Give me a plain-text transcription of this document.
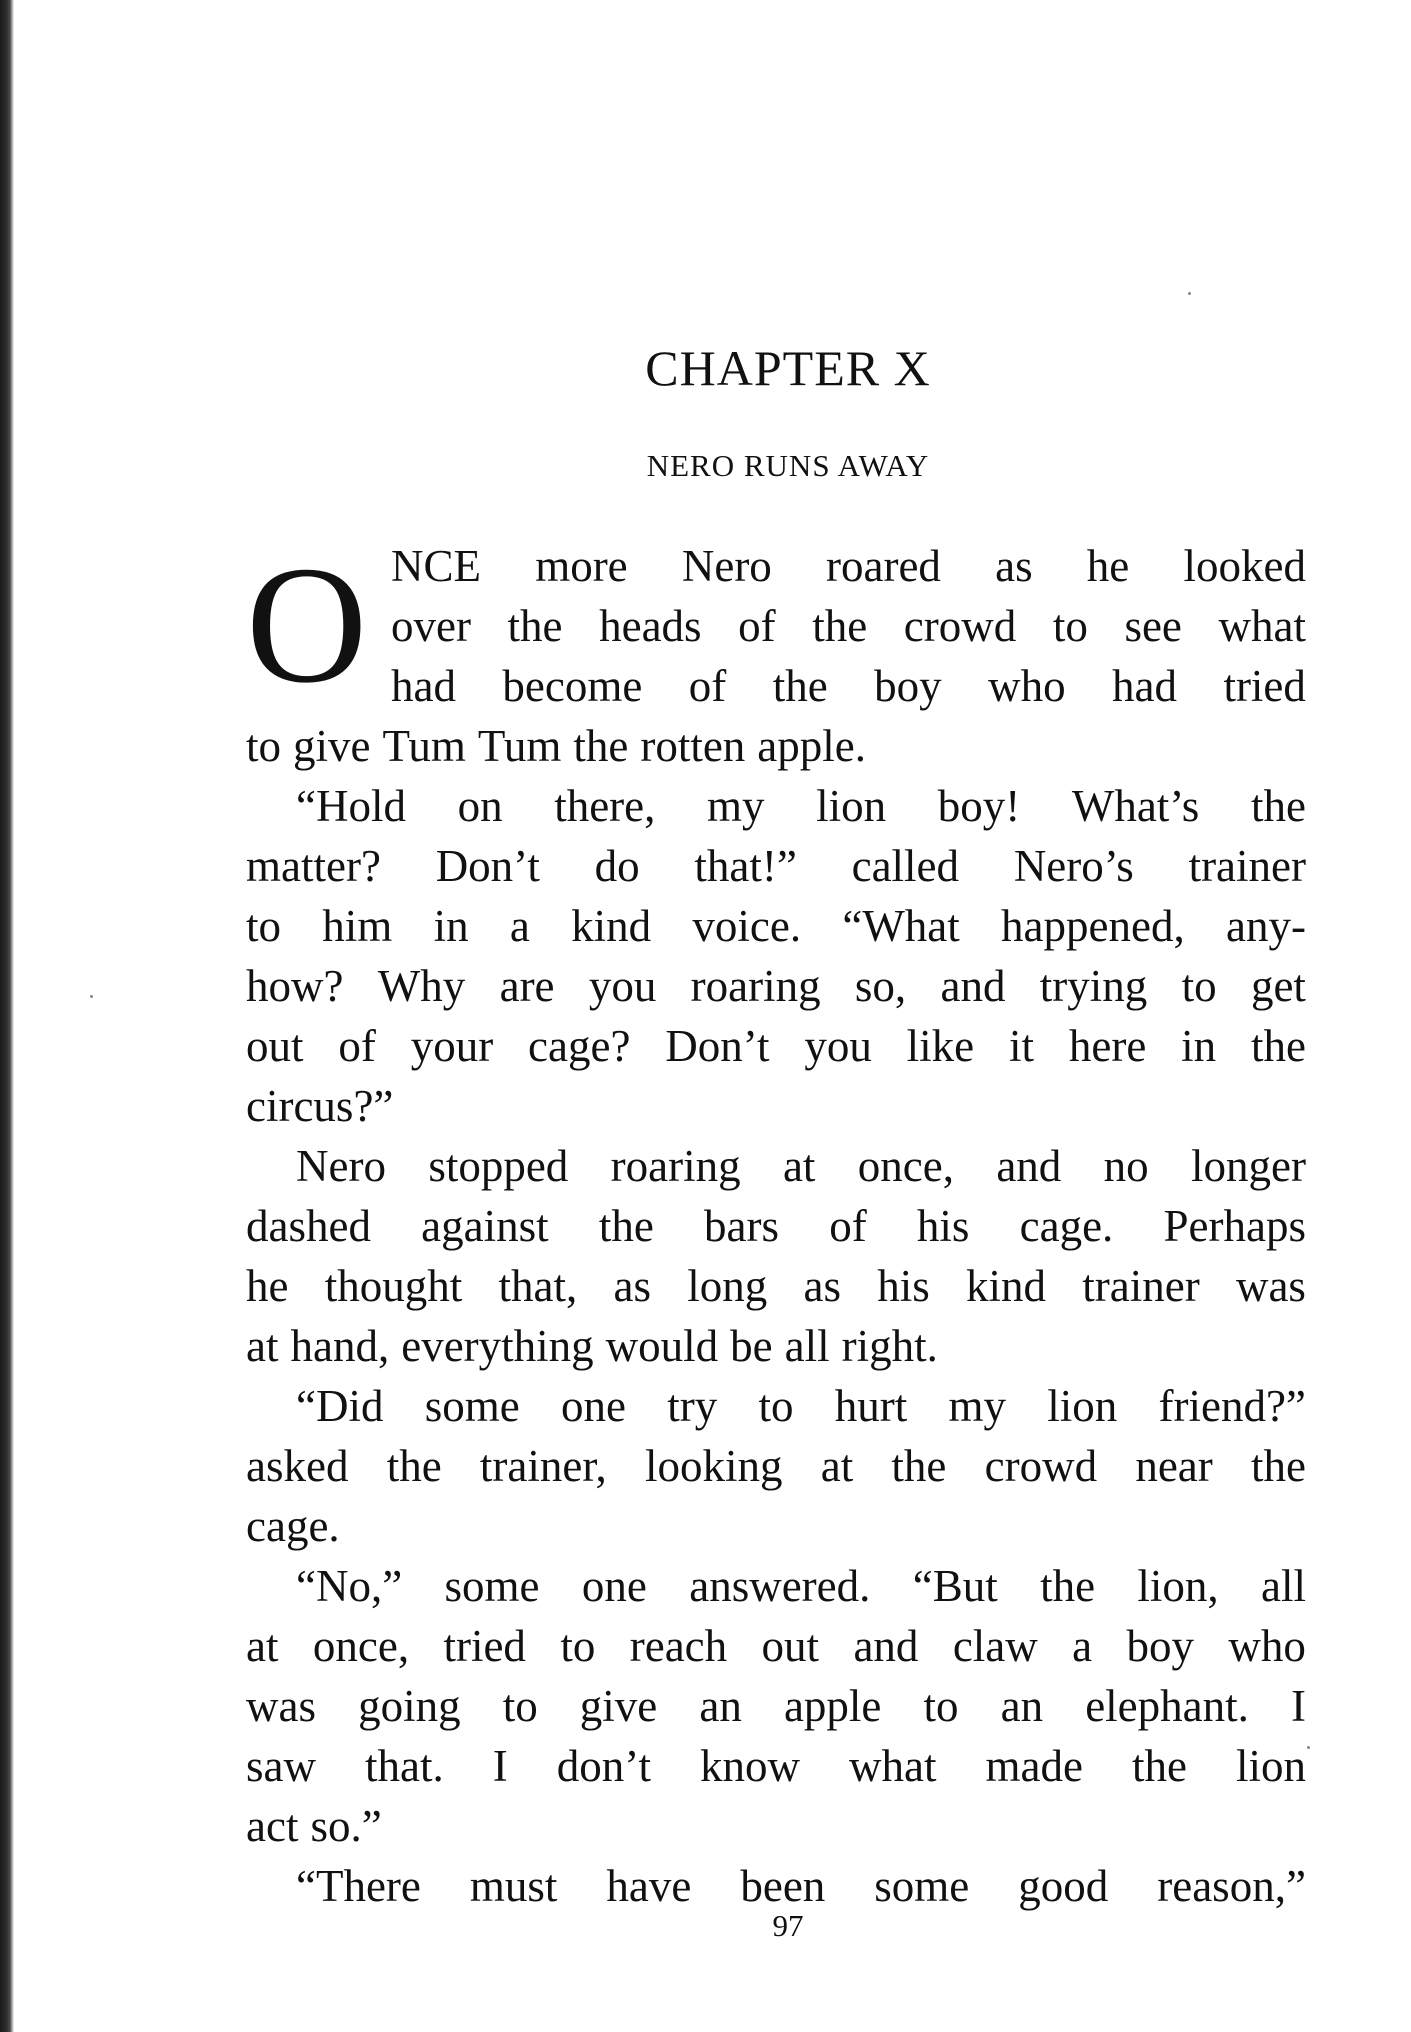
CHAPTER X
NERO RUNS AWAY
O NCE more Nero roared as he looked
over the heads of the crowd to see what
had become of the boy who had tried
to give Tum Tum the rotten apple.
“Hold on there, my lion boy! What’s the
matter? Don’t do that!” called Nero’s trainer
to him in a kind voice. “What happened, any-
how? Why are you roaring so, and trying to get
out of your cage? Don’t you like it here in the
circus?”
Nero stopped roaring at once, and no longer
dashed against the bars of his cage. Perhaps
he thought that, as long as his kind trainer was
at hand, everything would be all right.
“Did some one try to hurt my lion friend?”
asked the trainer, looking at the crowd near the
cage.
“No,” some one answered. “But the lion, all
at once, tried to reach out and claw a boy who
was going to give an apple to an elephant. I
saw that. I don’t know what made the lion
act so.”
“There must have been some good reason,”
97
